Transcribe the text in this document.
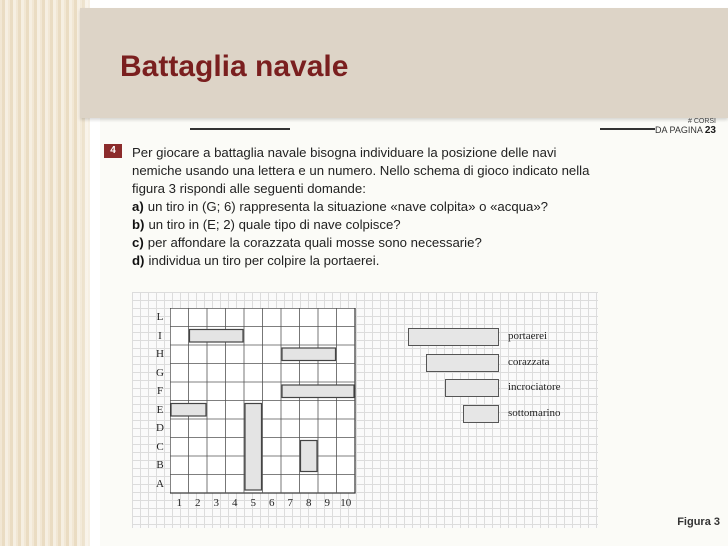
# CORSI
DA PAGINA 23
Battaglia navale
4	Per giocare a battaglia navale bisogna individuare la posizione delle navi nemiche usando una lettera e un numero. Nello schema di gioco indicato nella figura 3 rispondi alle seguenti domande:

a) un tiro in (G; 6) rappresenta la situazione «nave colpita» o «acqua»?

b) un tiro in (E; 2) quale tipo di nave colpisce?

c) per affondare la corazzata quali mosse sono necessarie?

d) individua un tiro per colpire la portaerei.

L
I
H
G
F
E
D
C
B
A
1	2	3	4	5	6	7	8	9 10
portaerei
corazzata
incrociatore
sottomarino
Figura 3
